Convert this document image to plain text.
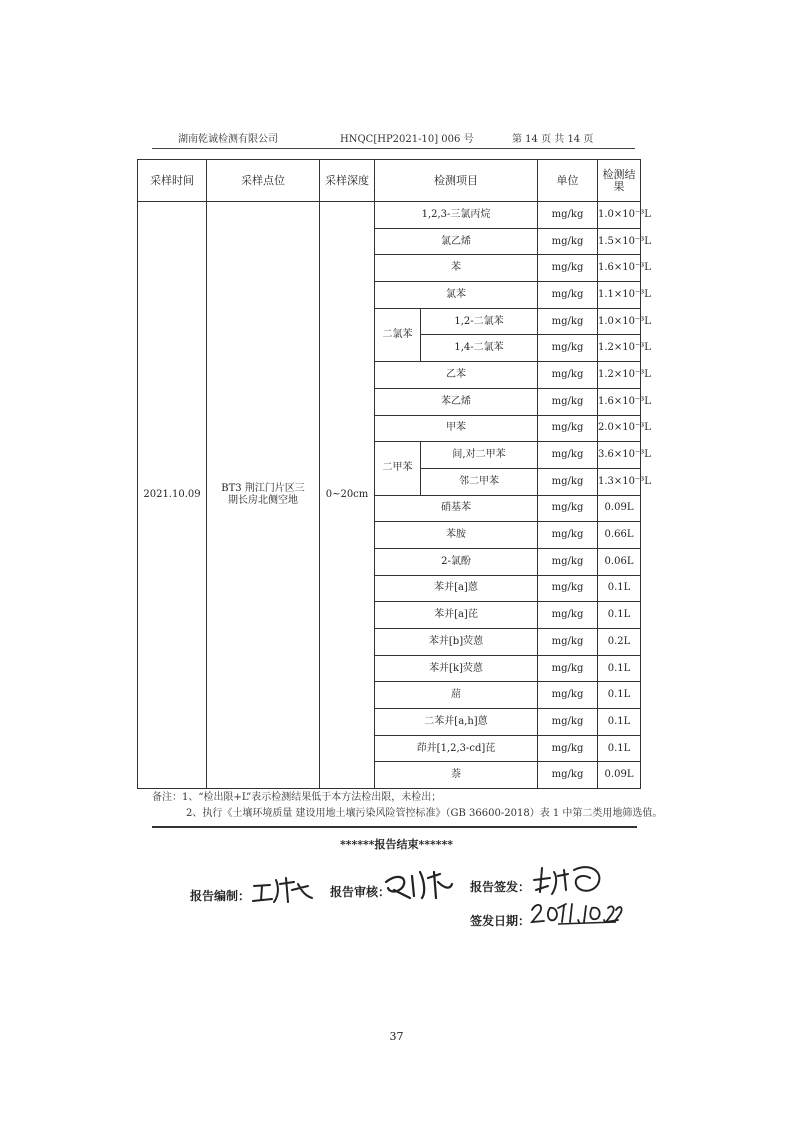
湖南乾诚检测有限公司	HNQC[HP2021-10] 006 号	第 14 页 共 14 页
采样时间	采样点位	采样深度	检测项目		单位	检测结果	
2021.10.09	BT3 荆江门片区三期长房北侧空地	0~20cm	1,2,3-三氯丙烷		mg/kg	1.0×10⁻³L	
			氯乙烯		mg/kg	1.5×10⁻³L	
			苯		mg/kg	1.6×10⁻³L	
			氯苯		mg/kg	1.1×10⁻³L	
			二氯苯	1,2-二氯苯	mg/kg	1.0×10⁻³L	
				1,4-二氯苯	mg/kg	1.2×10⁻³L	
			乙苯		mg/kg	1.2×10⁻³L	
			苯乙烯		mg/kg	1.6×10⁻³L	
			甲苯		mg/kg	2.0×10⁻³L	
			二甲苯	间,对二甲苯	mg/kg	3.6×10⁻³L	
				邻二甲苯	mg/kg	1.3×10⁻³L	
			硝基苯		mg/kg	0.09L	
			苯胺		mg/kg	0.66L	
			2-氯酚		mg/kg	0.06L	
			苯并[a]蒽		mg/kg	0.1L	
			苯并[a]芘		mg/kg	0.1L	
			苯并[b]荧蒽		mg/kg	0.2L	
			苯并[k]荧蒽		mg/kg	0.1L	
			䓛		mg/kg	0.1L	
			二苯并[a,h]蒽		mg/kg	0.1L	
			茚并[1,2,3-cd]芘		mg/kg	0.1L	
			萘		mg/kg	0.09L	
备注：1、“检出限+L”表示检测结果低于本方法检出限，未检出；
2、执行《土壤环境质量 建设用地土壤污染风险管控标准》（GB 36600-2018）表 1 中第二类用地筛选值。
******报告结束******
报告编制：	报告审核：	报告签发：
签发日期：
37
